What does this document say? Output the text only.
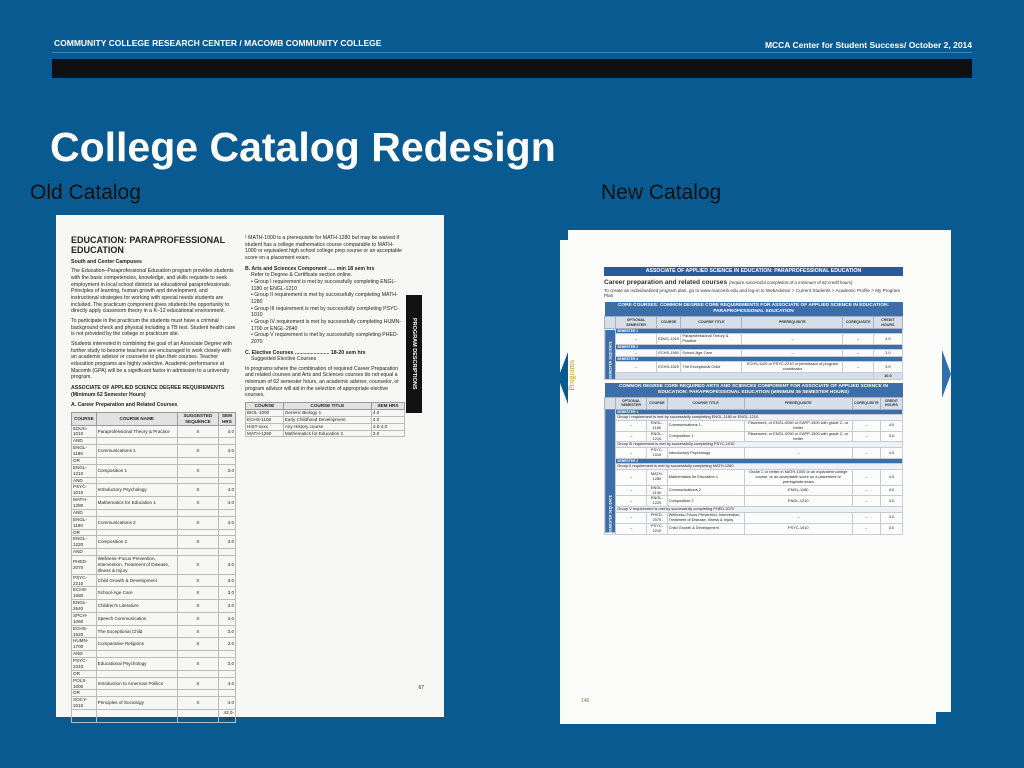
COMMUNITY COLLEGE RESEARCH CENTER / MACOMB COMMUNITY COLLEGE	MCCA Center for Student Success/ October 2, 2014
College Catalog Redesign
Old Catalog	New Catalog
EDUCATION: PARAPROFESSIONAL EDUCATION
South and Center Campuses
The Education–Paraprofessional Education program provides students with the basic competencies, knowledge, and skills requisite to seek employment in local school districts as educational paraprofessionals. Principles of learning, human growth and development, and instructional strategies for working with special needs students are included. The practicum component gives students the opportunity to directly apply classroom theory in a K–12 educational environment.
To participate in the practicum the students must have a criminal background check and physical including a TB test. Student health care is not provided by the college or practicum site.
Students interested in combining the goal of an Associate Degree with further study to become teachers are encouraged to work closely with an academic advisor or counselor to plan their courses. Teacher education programs are highly selective. Academic performance at Macomb (GPA) will be a significant factor in admission to a university program.
ASSOCIATE OF APPLIED SCIENCE DEGREE REQUIREMENTS
(Minimum 62 Semester Hours)
A. Career Preparation and Related Courses
COURSE	COURSE NAME	SUGGESTED SEQUENCE	SEM HRS
EDUC-1010	Paraprofessional Theory & Practice	X	4.0
AND			
ENGL-1180	Communications 1	X	4.0
OR			
ENGL-1210	Composition 1	X	3.0
AND			
PSYC-1010	Introductory Psychology	X	4.0
MATH-1280	Mathematics for Education 1	X	4.0
AND			
ENGL-1190	Communications 2	X	4.0
OR			
ENGL-1220	Composition 2	X	3.0
AND			
PHED-2070	Wellness–Focus Prevention, Intervention, Treatment of Disease, Illness & Injury	X	3.0
PSYC-2210	Child Growth & Development	X	3.0
ECHS-1580	School-Age Care	X	3.0
ENGL-2640	Children's Literature	X	3.0
SPCH-1060	Speech Communication	X	3.0
ECHS-1520	The Exceptional Child	X	3.0
HUMN-1700	Comparative Religions	X	3.0
AND			
PSYC-2310	Educational Psychology	X	3.0
OR			
POLS-1000	Introduction to American Politics	X	4.0
OR			
SOCY-1010	Principles of Sociology	X	4.0
			42.0-44.0
¹ MATH-1000 is a prerequisite for MATH-1280 but may be waived if student has a college mathematics course comparable to MATH-1000 or equivalent high school college prep course or an acceptable score on a placement exam.
B. Arts and Sciences Component ..... min 18 sem hrs
Refer to Degree & Certificate section online.
• Group I requirement is met by successfully completing ENGL-1180 or ENGL-1210
• Group II requirement is met by successfully completing MATH-1280
• Group III requirement is met by successfully completing PSYC-1010
• Group IV requirement is met by successfully completing HUMN-1700 or ENGL-2640
• Group V requirement is met by successfully completing PHED-2070
C. Elective Courses ........................ 18-20 sem hrs
Suggested Elective Courses
In programs where the combination of required Career Preparation and related courses and Arts and Sciences courses do not equal a minimum of 62 semester hours, an academic advisor, counselor, or program advisor will aid in the selection of appropriate elective courses.
COURSE	COURSE TITLE	SEM HRS
BIOL-1000	Generic Biology 1	4.0
ECHS-1100	Early Childhood Development	4.0
HIST-xxxx	Any History course	3.0-4.0
MATH-1290	Mathematics for Education 2	3.0
PROGRAM DESCRIPTIONS
67
ASSOCIATE OF APPLIED SCIENCE IN EDUCATION: PARAPROFESSIONAL EDUCATION
Career preparation and related courses (require successful completion of a minimum of 62 credit hours)
To create an individualized program plan, go to www.macomb.edu and log-in to WebAdvisor > Current Students > Academic Profile > My Program Plan
CORE COURSES: COMMON DEGREE CORE REQUIREMENTS FOR ASSOCIATE OF APPLIED SCIENCE IN EDUCATION: PARAPROFESSIONAL EDUCATION						
	OPTIONAL SEMESTER	COURSE	COURSE TITLE	PREREQUISITE	COREQUISITE	CREDIT HOURS
SEMESTER SEQUENCE	SEMESTER 1					
	–	EDUC-1010	Paraprofessional Theory & Practice	–	–	4.0
	SEMESTER 2					
	–	ECHS-1580	School-Age Care	–	–	3.0
	SEMESTER 4					
	–	ECHS-1520	The Exceptional Child	ECHS-1100 or PSYC-2210 or permission of program coordinator	–	3.0
						10.0
COMMON DEGREE CORE REQUIRED ARTS AND SCIENCES COMPONENT FOR ASSOCIATE OF APPLIED SCIENCE IN EDUCATION: PARAPROFESSIONAL EDUCATION (MINIMUM 36 SEMESTER HOURS)						
	OPTIONAL SEMESTER	COURSE	COURSE TITLE	PREREQUISITE	COREQUISITE	CREDIT HOURS
SEMESTER SEQUENCE	SEMESTER 1					
	Group I requirement is met by successfully completing ENGL-1180 or ENGL-1210					
	–	ENGL-1180	Communications 1	Placement, or ENGL-0050 or EAPP-1500 with grade C- or better	–	4.0
	–	ENGL-1210	Composition 1	Placement, or ENGL-0050 or EAPP-1500 with grade C- or better	–	3.0
	Group III requirement is met by successfully completing PSYC-1010					
	–	PSYC-1010	Introductory Psychology	–	–	4.0
	SEMESTER 2					
	Group II requirement is met by successfully completing MATH-1280					
	–	MATH-1280	Mathematics for Education 1	Grade C or better in MATH-1000 or an equivalent college course, or an acceptable score on a placement or prerequisite exam	–	4.0
	–	ENGL-1190	Communications 2	ENGL-1180	–	4.0
	–	ENGL-1220	Composition 2	ENGL-1210	–	3.0
	Group V requirement is met by successfully completing PHED-2070					
	–	PHED-2070	Wellness–Focus Prevention, Intervention, Treatment of Disease, Illness & Injury	–	–	3.0
	–	PSYC-2210	Child Growth & Development	PSYC-1010	–	3.0
Programs
146
